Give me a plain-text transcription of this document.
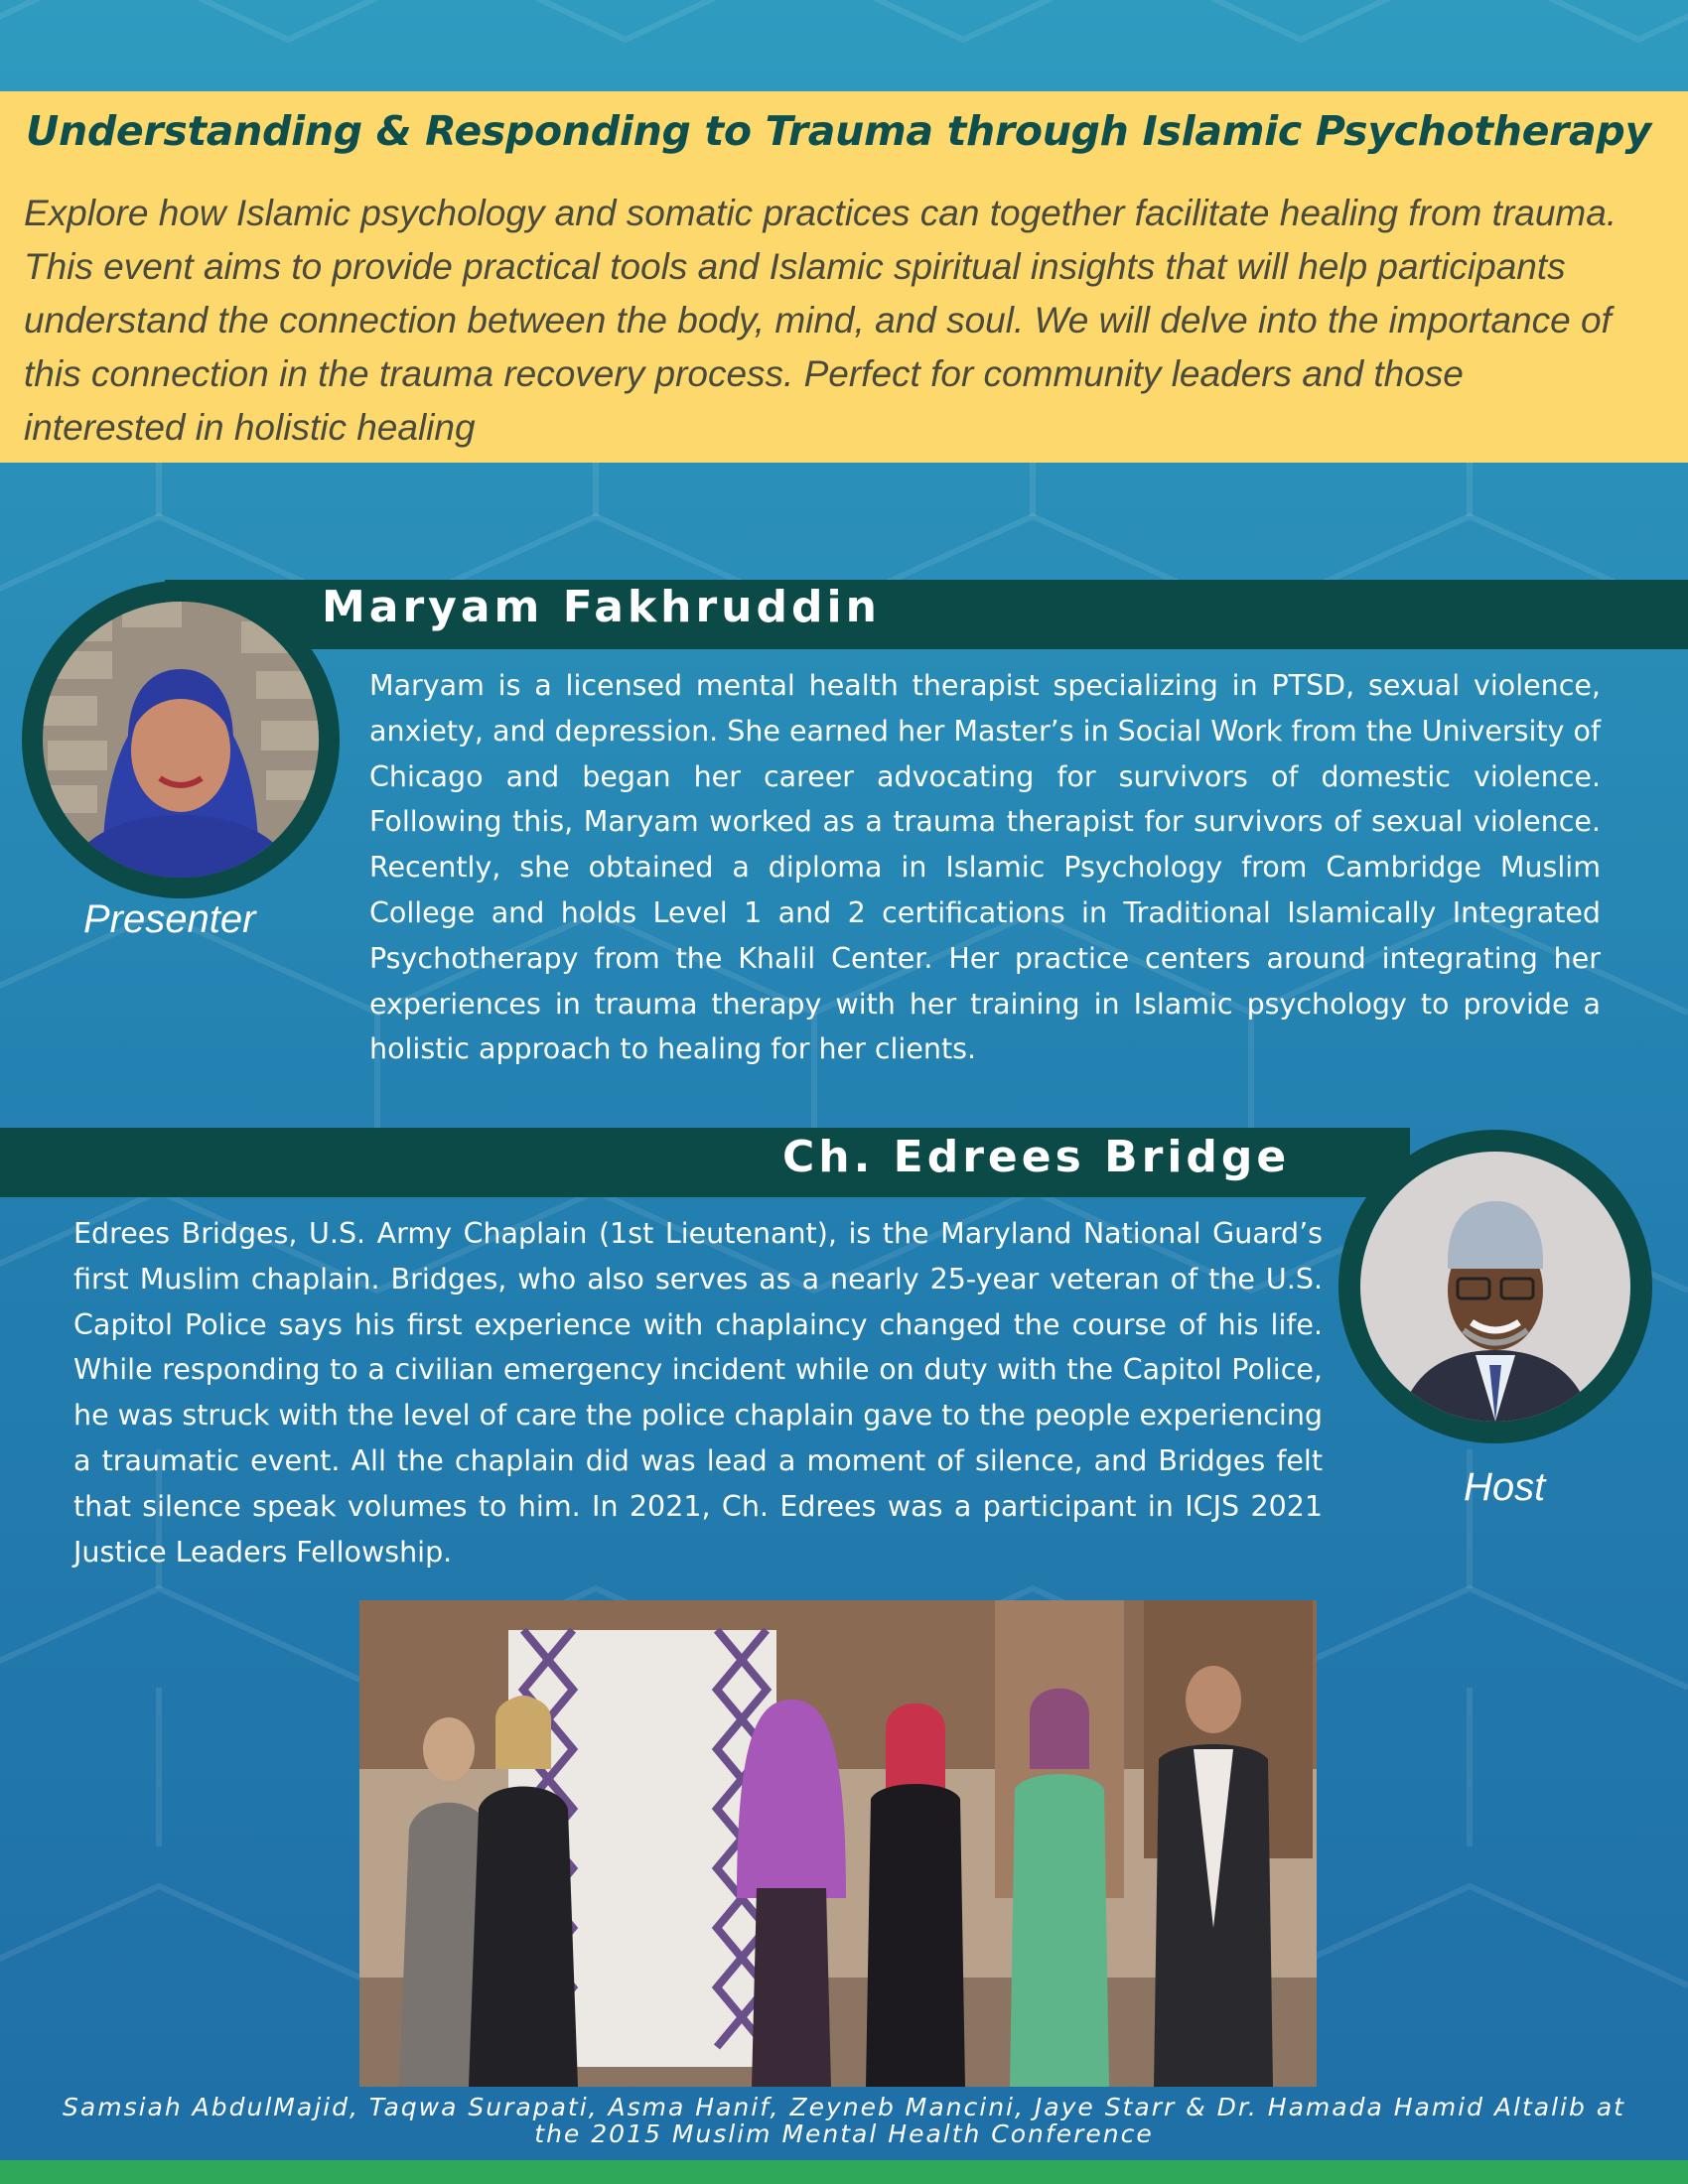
Understanding & Responding to Trauma through Islamic Psychotherapy
Explore how Islamic psychology and somatic practices can together facilitate healing from trauma. This event aims to provide practical tools and Islamic spiritual insights that will help participants understand the connection between the body, mind, and soul. We will delve into the importance of this connection in the trauma recovery process. Perfect for community leaders and those interested in holistic healing
Maryam Fakhruddin
Presenter
Maryam is a licensed mental health therapist specializing in PTSD, sexual violence, anxiety, and depression. She earned her Master’s in Social Work from the University of Chicago and began her career advocating for survivors of domestic violence. Following this, Maryam worked as a trauma therapist for survivors of sexual violence. Recently, she obtained a diploma in Islamic Psychology from Cambridge Muslim College and holds Level 1 and 2 certifications in Traditional Islamically Integrated Psychotherapy from the Khalil Center. Her practice centers around integrating her experiences in trauma therapy with her training in Islamic psychology to provide a holistic approach to healing for her clients.
Ch. Edrees Bridge
Host
Edrees Bridges, U.S. Army Chaplain (1st Lieutenant), is the Maryland National Guard’s first Muslim chaplain. Bridges, who also serves as a nearly 25-year veteran of the U.S. Capitol Police says his first experience with chaplaincy changed the course of his life. While responding to a civilian emergency incident while on duty with the Capitol Police, he was struck with the level of care the police chaplain gave to the people experiencing a traumatic event. All the chaplain did was lead a moment of silence, and Bridges felt that silence speak volumes to him. In 2021, Ch. Edrees was a participant in ICJS 2021 Justice Leaders Fellowship.
Samsiah AbdulMajid, Taqwa Surapati, Asma Hanif, Zeyneb Mancini, Jaye Starr & Dr. Hamada Hamid Altalib at
the 2015 Muslim Mental Health Conference
